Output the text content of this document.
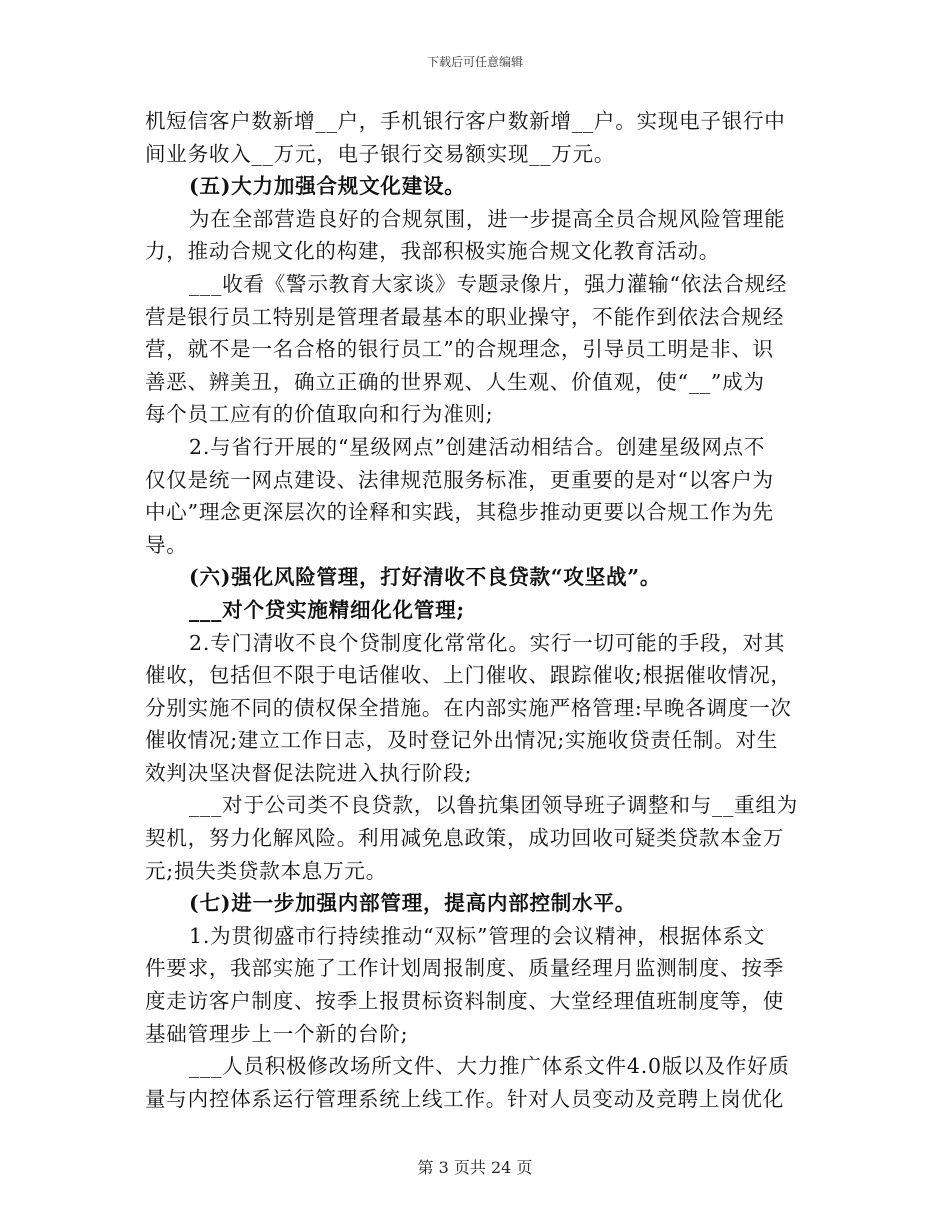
下载后可任意编辑

机短信客户数新增__户，手机银行客户数新增__户。实现电子银行中
间业务收入__万元，电子银行交易额实现__万元。

(五)大力加强合规文化建设。

为在全部营造良好的合规氛围，进一步提高全员合规风险管理能
力，推动合规文化的构建，我部积极实施合规文化教育活动。

___收看《警示教育大家谈》专题录像片，强力灌输“依法合规经
营是银行员工特别是管理者最基本的职业操守，不能作到依法合规经
营，就不是一名合格的银行员工”的合规理念，引导员工明是非、识
善恶、辨美丑，确立正确的世界观、人生观、价值观，使“__”成为
每个员工应有的价值取向和行为准则;

2.与省行开展的“星级网点”创建活动相结合。创建星级网点不
仅仅是统一网点建设、法律规范服务标准，更重要的是对“以客户为
中心”理念更深层次的诠释和实践，其稳步推动更要以合规工作为先
导。

(六)强化风险管理，打好清收不良贷款“攻坚战”。

___对个贷实施精细化化管理;

2.专门清收不良个贷制度化常常化。实行一切可能的手段，对其
催收，包括但不限于电话催收、上门催收、跟踪催收;根据催收情况，
分别实施不同的债权保全措施。在内部实施严格管理:早晚各调度一次
催收情况;建立工作日志，及时登记外出情况;实施收贷责任制。对生
效判决坚决督促法院进入执行阶段;

___对于公司类不良贷款，以鲁抗集团领导班子调整和与__重组为
契机，努力化解风险。利用减免息政策，成功回收可疑类贷款本金万
元;损失类贷款本息万元。

(七)进一步加强内部管理，提高内部控制水平。

1.为贯彻盛市行持续推动“双标”管理的会议精神，根据体系文
件要求，我部实施了工作计划周报制度、质量经理月监测制度、按季
度走访客户制度、按季上报贯标资料制度、大堂经理值班制度等，使
基础管理步上一个新的台阶;

___人员积极修改场所文件、大力推广体系文件4.0版以及作好质
量与内控体系运行管理系统上线工作。针对人员变动及竞聘上岗优化

第 3 页共 24 页
